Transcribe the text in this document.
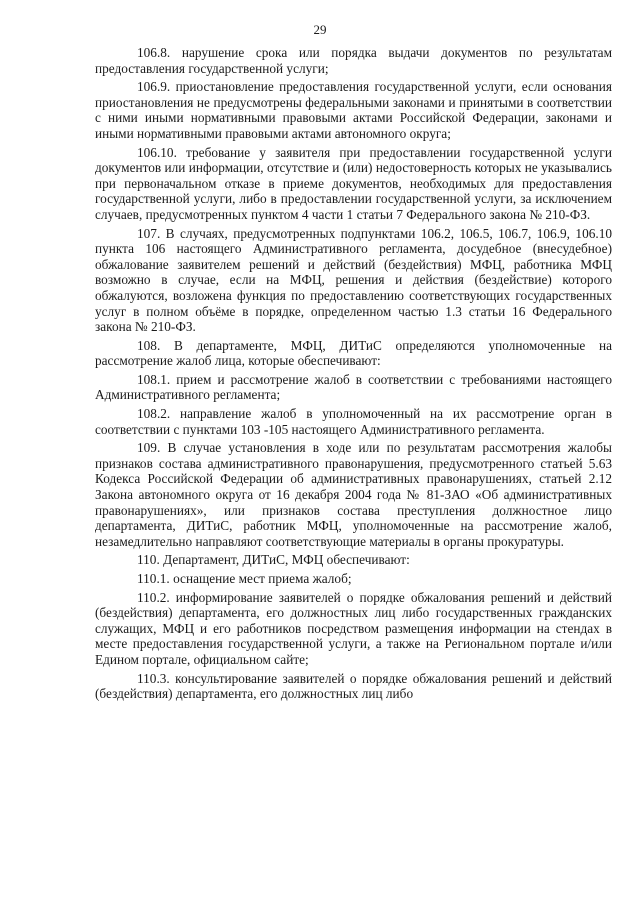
29

106.8. нарушение срока или порядка выдачи документов по результатам предоставления государственной услуги;

106.9. приостановление предоставления государственной услуги, если основания приостановления не предусмотрены федеральными законами и принятыми в соответствии с ними иными нормативными правовыми актами Российской Федерации, законами и иными нормативными правовыми актами автономного округа;

106.10. требование у заявителя при предоставлении государственной услуги документов или информации, отсутствие и (или) недостоверность которых не указывались при первоначальном отказе в приеме документов, необходимых для предоставления государственной услуги, либо в предоставлении государственной услуги, за исключением случаев, предусмотренных пунктом 4 части 1 статьи 7 Федерального закона № 210-ФЗ.

107. В случаях, предусмотренных подпунктами 106.2, 106.5, 106.7, 106.9, 106.10 пункта 106 настоящего Административного регламента, досудебное (внесудебное) обжалование заявителем решений и действий (бездействия) МФЦ, работника МФЦ возможно в случае, если на МФЦ, решения и действия (бездействие) которого обжалуются, возложена функция по предоставлению соответствующих государственных услуг в полном объёме в порядке, определенном частью 1.3 статьи 16 Федерального закона № 210-ФЗ.

108. В департаменте, МФЦ, ДИТиС определяются уполномоченные на рассмотрение жалоб лица, которые обеспечивают:

108.1. прием и рассмотрение жалоб в соответствии с требованиями настоящего Административного регламента;

108.2. направление жалоб в уполномоченный на их рассмотрение орган в соответствии с пунктами 103 -105 настоящего Административного регламента.

109. В случае установления в ходе или по результатам рассмотрения жалобы признаков состава административного правонарушения, предусмотренного статьей 5.63 Кодекса Российской Федерации об административных правонарушениях, статьей 2.12 Закона автономного округа от 16 декабря 2004 года № 81-ЗАО «Об административных правонарушениях», или признаков состава преступления должностное лицо департамента, ДИТиС, работник МФЦ, уполномоченные на рассмотрение жалоб, незамедлительно направляют соответствующие материалы в органы прокуратуры.

110. Департамент, ДИТиС, МФЦ обеспечивают:

110.1. оснащение мест приема жалоб;

110.2. информирование заявителей о порядке обжалования решений и действий (бездействия) департамента, его должностных лиц либо государственных гражданских служащих, МФЦ и его работников посредством размещения информации на стендах в месте предоставления государственной услуги, а также на Региональном портале и/или Едином портале, официальном сайте;

110.3. консультирование заявителей о порядке обжалования решений и действий (бездействия) департамента, его должностных лиц либо
